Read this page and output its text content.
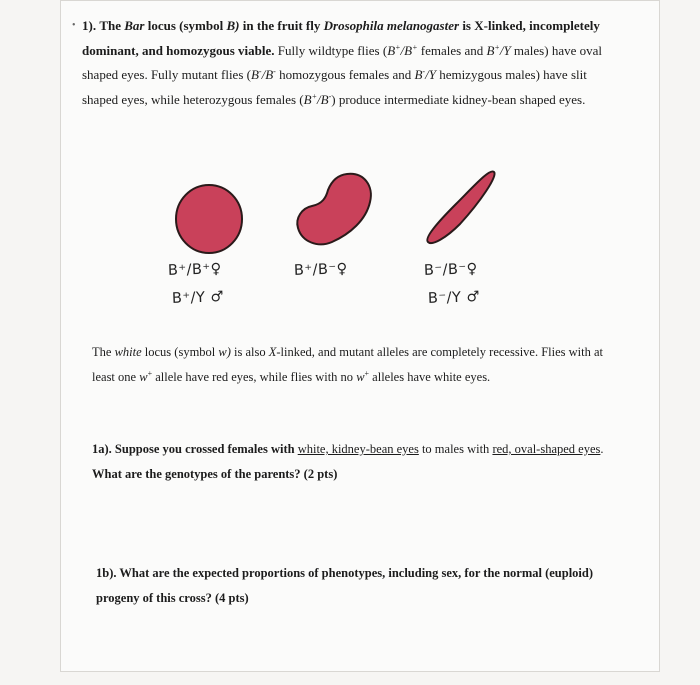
• 1). The Bar locus (symbol B) in the fruit fly Drosophila melanogaster is X-linked, incompletely dominant, and homozygous viable. Fully wildtype flies (B+/B+ females and B+/Y males) have oval shaped eyes. Fully mutant flies (B-/B- homozygous females and B-/Y hemizygous males) have slit shaped eyes, while heterozygous females (B+/B-) produce intermediate kidney-bean shaped eyes.
B⁺/B⁺♀
B⁺/Y ♂
B⁺/B⁻♀	B⁻/B⁻♀
B⁻/Y ♂
The white locus (symbol w) is also X-linked, and mutant alleles are completely recessive. Flies with at least one w+ allele have red eyes, while flies with no w+ alleles have white eyes.
1a). Suppose you crossed females with white, kidney-bean eyes to males with red, oval-shaped eyes. What are the genotypes of the parents? (2 pts)
1b). What are the expected proportions of phenotypes, including sex, for the normal (euploid) progeny of this cross? (4 pts)
